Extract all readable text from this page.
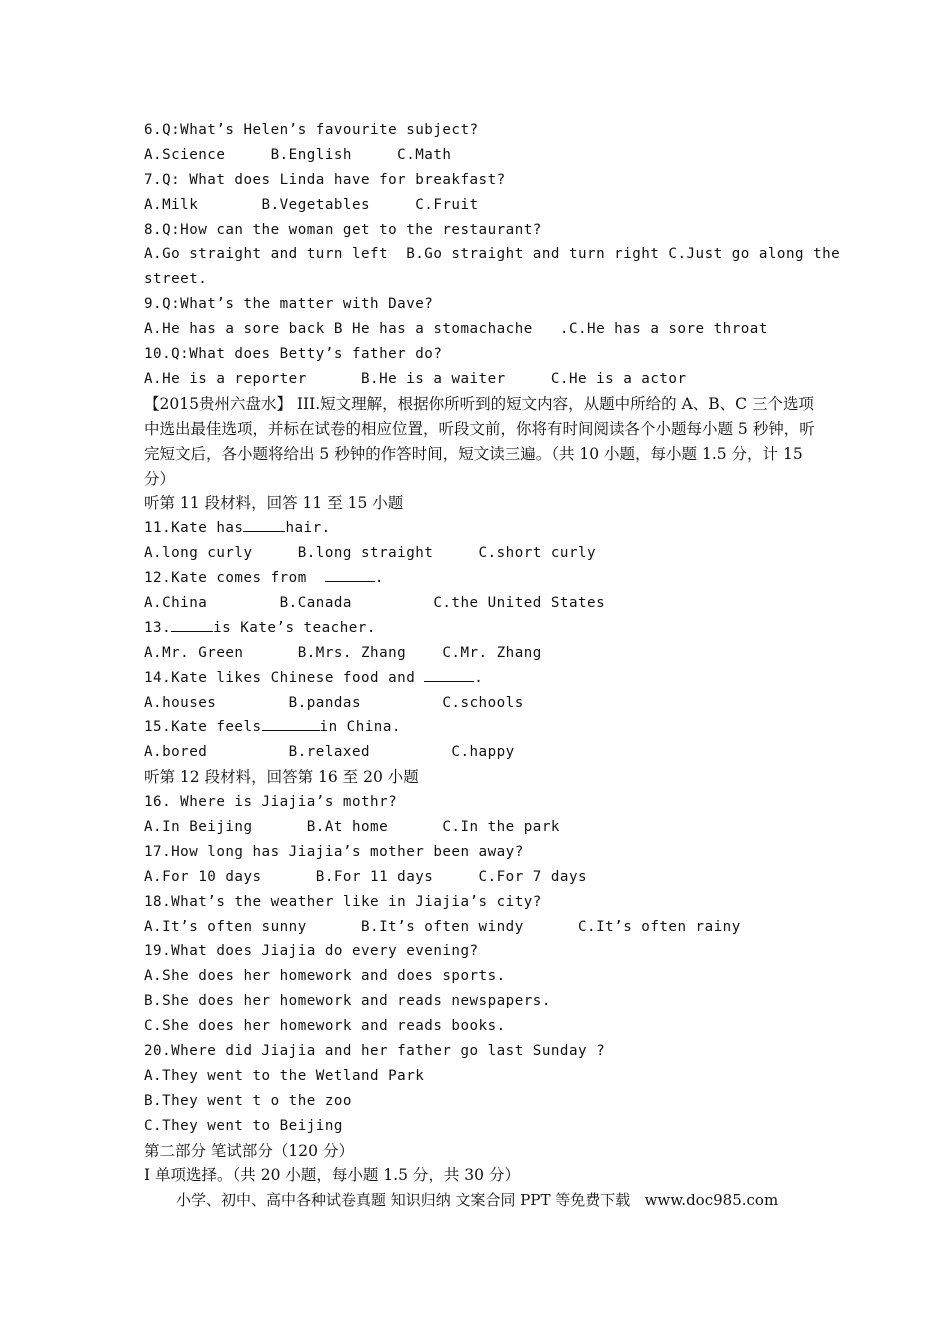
6.Q:What’s Helen’s favourite subject?
A.Science     B.English     C.Math
7.Q: What does Linda have for breakfast?
A.Milk       B.Vegetables     C.Fruit
8.Q:How can the woman get to the restaurant?
A.Go straight and turn left  B.Go straight and turn right C.Just go along the
street.
9.Q:What’s the matter with Dave?
A.He has a sore back B He has a stomachache   .C.He has a sore throat
10.Q:What does Betty’s father do?
A.He is a reporter      B.He is a waiter     C.He is a actor
【2015贵州六盘水】 III.短文理解，根据你所听到的短文内容，从题中所给的 A、B、C 三个选项中选出最佳选项，并标在试卷的相应位置，听段文前，你将有时间阅读各个小题每小题 5 秒钟，听完短文后，各小题将给出 5 秒钟的作答时间，短文读三遍。（共 10 小题，每小题 1.5 分，计 15 分）
听第 11 段材料，回答 11 至 15 小题
11.Kate has	hair.
A.long curly     B.long straight     C.short curly
12.Kate comes from	.
A.China        B.Canada         C.the United States
13.	is Kate’s teacher.
A.Mr. Green      B.Mrs. Zhang    C.Mr. Zhang
14.Kate likes Chinese food and	.
A.houses        B.pandas         C.schools
15.Kate feels	in China.
A.bored         B.relaxed         C.happy
听第 12 段材料，回答第 16 至 20 小题
16. Where is Jiajia’s mothr?
A.In Beijing      B.At home      C.In the park
17.How long has Jiajia’s mother been away?
A.For 10 days      B.For 11 days     C.For 7 days
18.What’s the weather like in Jiajia’s city?
A.It’s often sunny      B.It’s often windy      C.It’s often rainy
19.What does Jiajia do every evening?
A.She does her homework and does sports.
B.She does her homework and reads newspapers.
C.She does her homework and reads books.
20.Where did Jiajia and her father go last Sunday ?
A.They went to the Wetland Park
B.They went t o the zoo
C.They went to Beijing
第二部分 笔试部分（120 分）
I 单项选择。（共 20 小题，每小题 1.5 分，共 30 分）
小学、初中、高中各种试卷真题 知识归纳 文案合同 PPT 等免费下载   www.doc985.com
